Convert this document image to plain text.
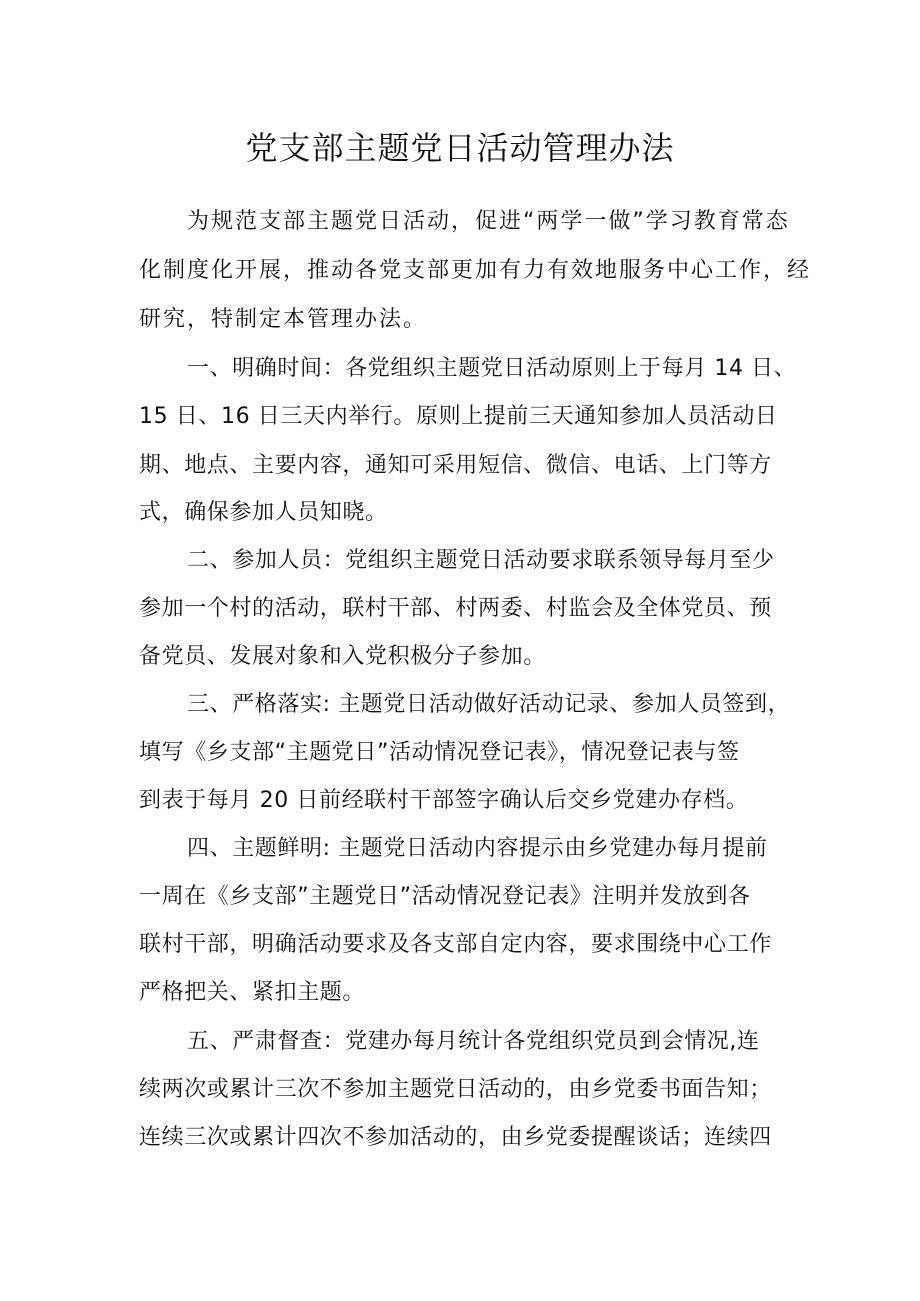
党支部主题党日活动管理办法
为规范支部主题党日活动，促进“两学一做”学习教育常态
化制度化开展，推动各党支部更加有力有效地服务中心工作，经
研究，特制定本管理办法。
一、明确时间：各党组织主题党日活动原则上于每月 14 日、
15 日、16 日三天内举行。原则上提前三天通知参加人员活动日
期、地点、主要内容，通知可采用短信、微信、电话、上门等方
式，确保参加人员知晓。
二、参加人员：党组织主题党日活动要求联系领导每月至少
参加一个村的活动，联村干部、村两委、村监会及全体党员、预
备党员、发展对象和入党积极分子参加。
三、严格落实: 主题党日活动做好活动记录、参加人员签到，
填写《乡支部“主题党日”活动情况登记表》，情况登记表与签
到表于每月 20 日前经联村干部签字确认后交乡党建办存档。
四、主题鲜明: 主题党日活动内容提示由乡党建办每月提前
一周在《乡支部”主题党日”活动情况登记表》注明并发放到各
联村干部，明确活动要求及各支部自定内容，要求围绕中心工作
严格把关、紧扣主题。
五、严肃督查：党建办每月统计各党组织党员到会情况,连
续两次或累计三次不参加主题党日活动的，由乡党委书面告知；
连续三次或累计四次不参加活动的，由乡党委提醒谈话；连续四
